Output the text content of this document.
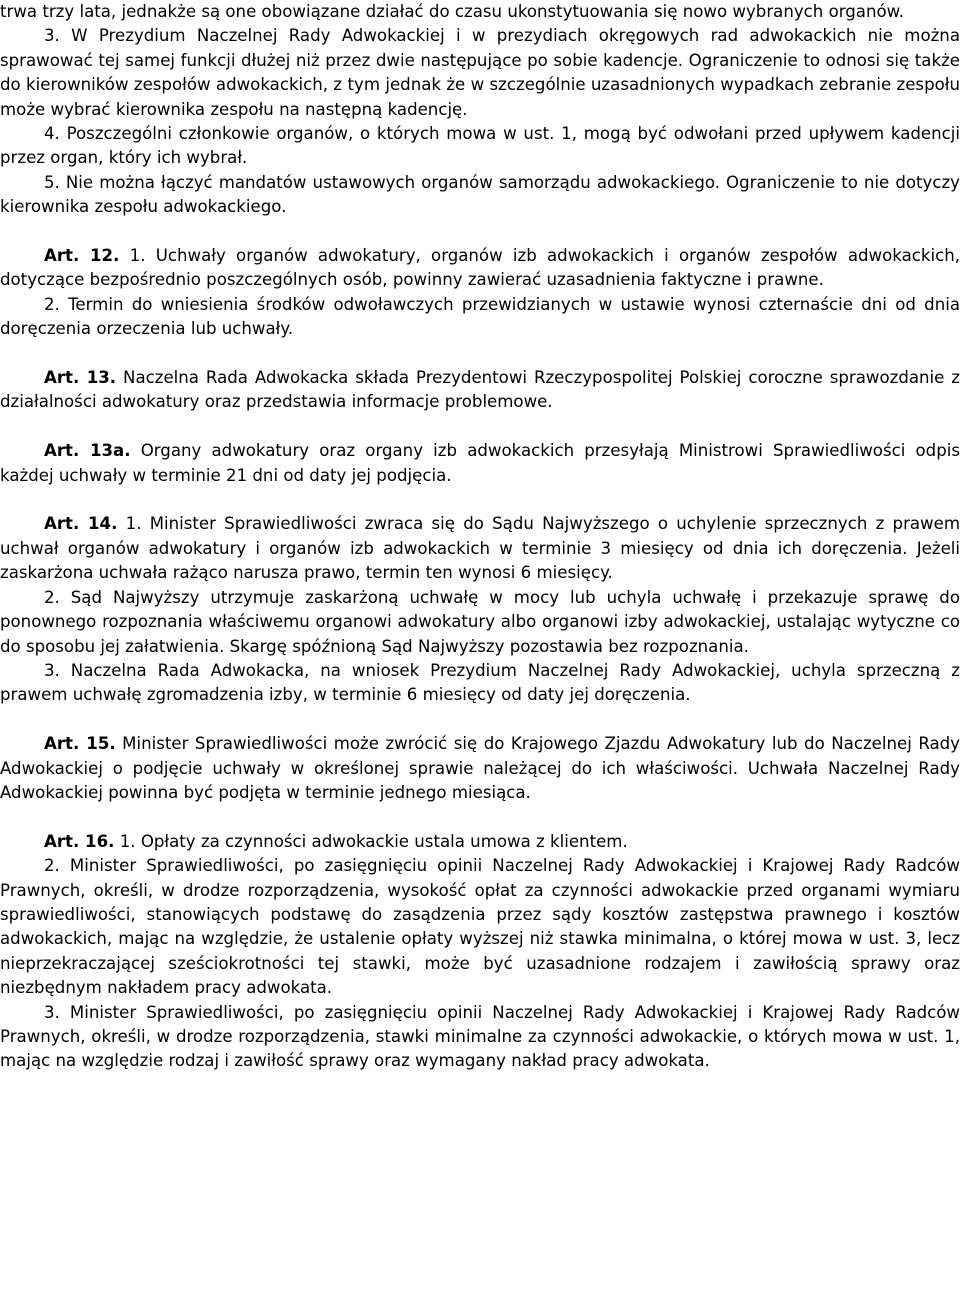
trwa trzy lata, jednakże są one obowiązane działać do czasu ukonstytuowania się nowo wybranych organów.

3. W Prezydium Naczelnej Rady Adwokackiej i w prezydiach okręgowych rad adwokackich nie można sprawować tej samej funkcji dłużej niż przez dwie następujące po sobie kadencje. Ograniczenie to odnosi się także do kierowników zespołów adwokackich, z tym jednak że w szczególnie uzasadnionych wypadkach zebranie zespołu może wybrać kierownika zespołu na następną kadencję.

4. Poszczególni członkowie organów, o których mowa w ust. 1, mogą być odwołani przed upływem kadencji przez organ, który ich wybrał.

5. Nie można łączyć mandatów ustawowych organów samorządu adwokackiego. Ograniczenie to nie dotyczy kierownika zespołu adwokackiego.

Art. 12. 1. Uchwały organów adwokatury, organów izb adwokackich i organów zespołów adwokackich, dotyczące bezpośrednio poszczególnych osób, powinny zawierać uzasadnienia faktyczne i prawne.

2. Termin do wniesienia środków odwoławczych przewidzianych w ustawie wynosi czternaście dni od dnia doręczenia orzeczenia lub uchwały.

Art. 13. Naczelna Rada Adwokacka składa Prezydentowi Rzeczypospolitej Polskiej coroczne sprawozdanie z działalności adwokatury oraz przedstawia informacje problemowe.

Art. 13a. Organy adwokatury oraz organy izb adwokackich przesyłają Ministrowi Sprawiedliwości odpis każdej uchwały w terminie 21 dni od daty jej podjęcia.

Art. 14. 1. Minister Sprawiedliwości zwraca się do Sądu Najwyższego o uchylenie sprzecznych z prawem uchwał organów adwokatury i organów izb adwokackich w terminie 3 miesięcy od dnia ich doręczenia. Jeżeli zaskarżona uchwała rażąco narusza prawo, termin ten wynosi 6 miesięcy.

2. Sąd Najwyższy utrzymuje zaskarżoną uchwałę w mocy lub uchyla uchwałę i przekazuje sprawę do ponownego rozpoznania właściwemu organowi adwokatury albo organowi izby adwokackiej, ustalając wytyczne co do sposobu jej załatwienia. Skargę spóźnioną Sąd Najwyższy pozostawia bez rozpoznania.

3. Naczelna Rada Adwokacka, na wniosek Prezydium Naczelnej Rady Adwokackiej, uchyla sprzeczną z prawem uchwałę zgromadzenia izby, w terminie 6 miesięcy od daty jej doręczenia.

Art. 15. Minister Sprawiedliwości może zwrócić się do Krajowego Zjazdu Adwokatury lub do Naczelnej Rady Adwokackiej o podjęcie uchwały w określonej sprawie należącej do ich właściwości. Uchwała Naczelnej Rady Adwokackiej powinna być podjęta w terminie jednego miesiąca.

Art. 16. 1. Opłaty za czynności adwokackie ustala umowa z klientem.

2. Minister Sprawiedliwości, po zasięgnięciu opinii Naczelnej Rady Adwokackiej i Krajowej Rady Radców Prawnych, określi, w drodze rozporządzenia, wysokość opłat za czynności adwokackie przed organami wymiaru sprawiedliwości, stanowiących podstawę do zasądzenia przez sądy kosztów zastępstwa prawnego i kosztów adwokackich, mając na względzie, że ustalenie opłaty wyższej niż stawka minimalna, o której mowa w ust. 3, lecz nieprzekraczającej sześciokrotności tej stawki, może być uzasadnione rodzajem i zawiłością sprawy oraz niezbędnym nakładem pracy adwokata.

3. Minister Sprawiedliwości, po zasięgnięciu opinii Naczelnej Rady Adwokackiej i Krajowej Rady Radców Prawnych, określi, w drodze rozporządzenia, stawki minimalne za czynności adwokackie, o których mowa w ust. 1, mając na względzie rodzaj i zawiłość sprawy oraz wymagany nakład pracy adwokata.
